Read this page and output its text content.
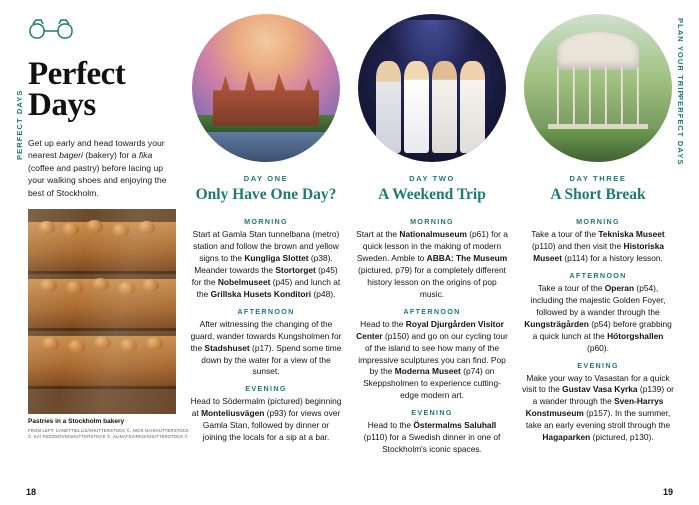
PERFECT DAYS
Perfect Days

Get up early and head towards your nearest bageri (bakery) for a fika (coffee and pastry) before lacing up your walking shoes and enjoying the best of Stockholm.

Pastries in a Stockholm bakery
FROM LEFT: CANETTIELLIS/SHUTTERSTOCK ©, NICK NA/SHUTTERSTOCK ©, KAI FEDOSOVN/SHUTTERSTOCK ©, ALINATSVIRKO/SHUTTERSTOCK ©
DAY ONE
Only Have One Day?
MORNING

Start at Gamla Stan tunnelbana (metro) station and follow the brown and yellow signs to the Kungliga Slottet (p38). Meander towards the Stortorget (p45) for the Nobelmuseet (p45) and lunch at the Grillska Husets Konditori (p48).

AFTERNOON

After witnessing the changing of the guard, wander towards Kungsholmen for the Stadshuset (p17). Spend some time down by the water for a view of the sunset.

EVENING

Head to Södermalm (pictured) beginning at Monteliusvägen (p93) for views over Gamla Stan, followed by dinner or joining the locals for a sip at a bar.

DAY TWO
A Weekend Trip
MORNING

Start at the Nationalmuseum (p61) for a quick lesson in the making of modern Sweden. Amble to ABBA: The Museum (pictured, p79) for a completely different history lesson on the origins of pop music.

AFTERNOON

Head to the Royal Djurgården Visitor Center (p150) and go on our cycling tour of the island to see how many of the impressive sculptures you can find. Pop by the Moderna Museet (p74) on Skeppsholmen to experience cutting-edge modern art.

EVENING

Head to the Östermalms Saluhall (p110) for a Swedish dinner in one of Stockholm's iconic spaces.

DAY THREE
A Short Break
MORNING

Take a tour of the Tekniska Museet (p110) and then visit the Historiska Museet (p114) for a history lesson.

AFTERNOON

Take a tour of the Operan (p54), including the majestic Golden Foyer, followed by a wander through the Kungsträgården (p54) before grabbing a quick lunch at the Hötorgshallen (p60).

EVENING

Make your way to Vasastan for a quick visit to the Gustav Vasa Kyrka (p139) or a wander through the Sven-Harrys Konstmuseum (p157). In the summer, take an early evening stroll through the Hagaparken (pictured, p130).

18	19
PLAN YOUR TRIP
PERFECT DAYS
